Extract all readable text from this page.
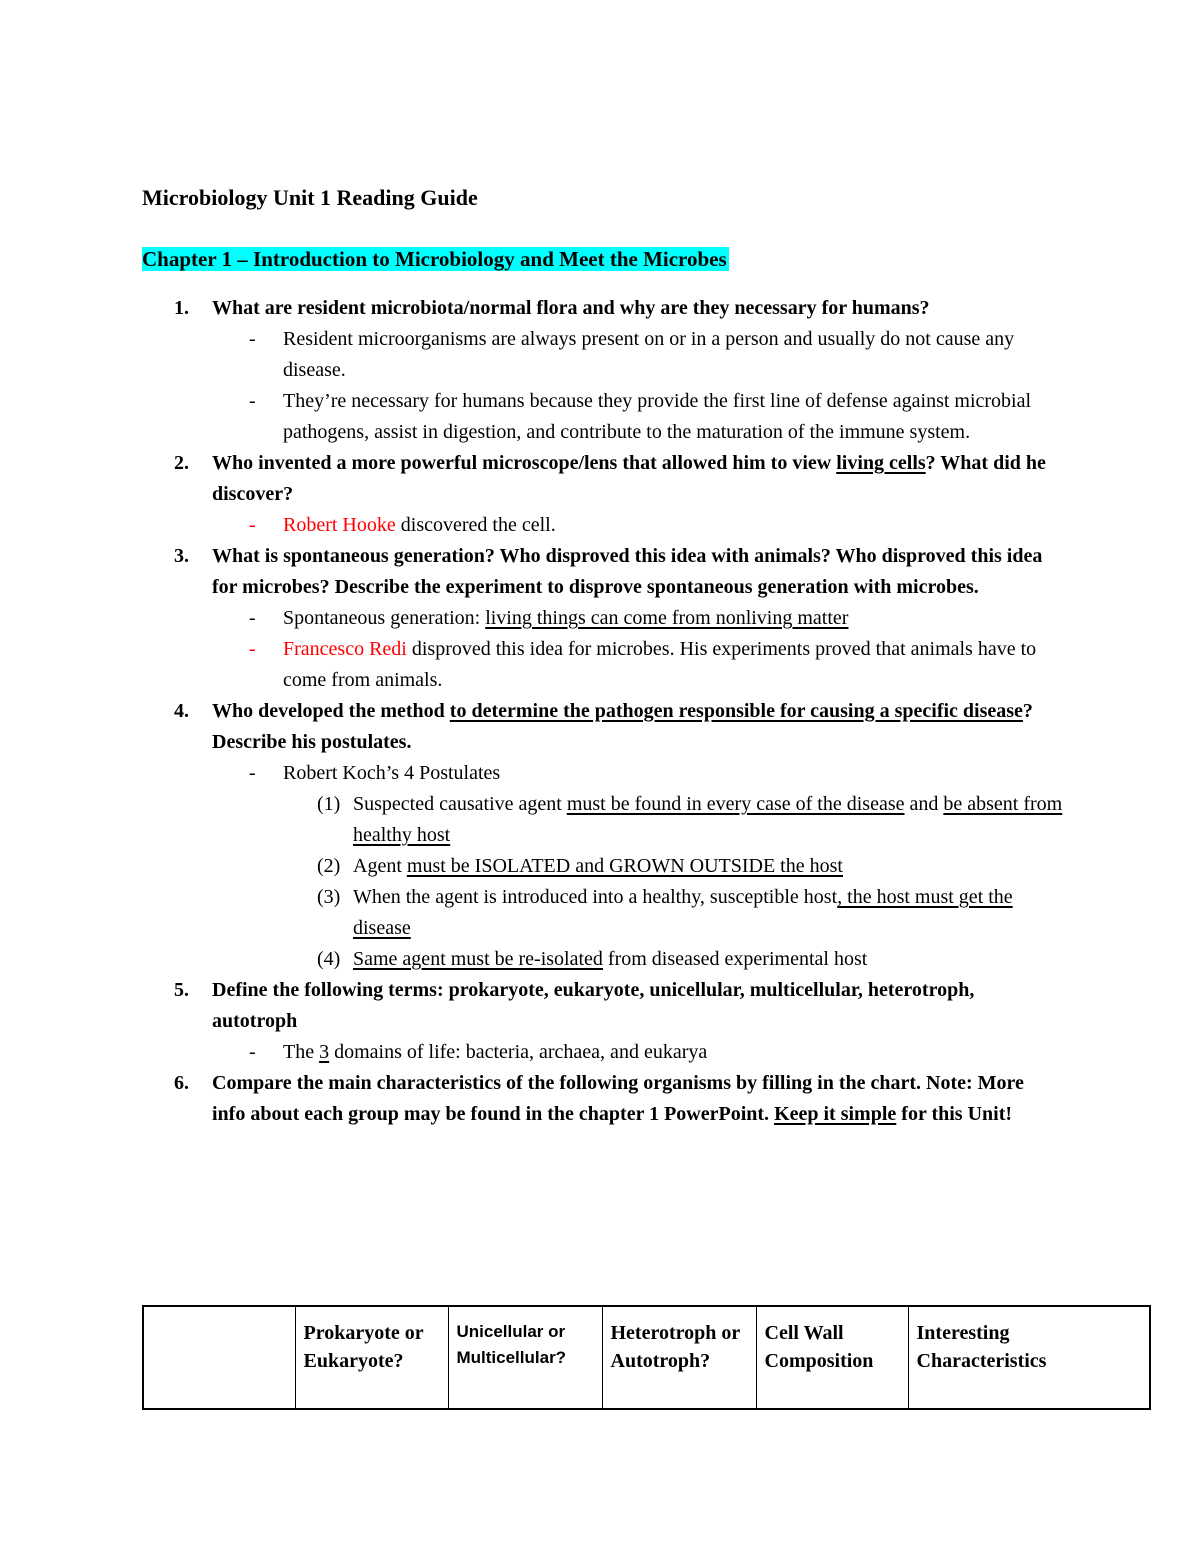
Microbiology Unit 1 Reading Guide
Chapter 1 – Introduction to Microbiology and Meet the Microbes
1. What are resident microbiota/normal flora and why are they necessary for humans?
- Resident microorganisms are always present on or in a person and usually do not cause any disease.
- They’re necessary for humans because they provide the first line of defense against microbial pathogens, assist in digestion, and contribute to the maturation of the immune system.
2. Who invented a more powerful microscope/lens that allowed him to view living cells? What did he discover?
- Robert Hooke discovered the cell.
3. What is spontaneous generation? Who disproved this idea with animals? Who disproved this idea for microbes? Describe the experiment to disprove spontaneous generation with microbes.
- Spontaneous generation: living things can come from nonliving matter
- Francesco Redi disproved this idea for microbes. His experiments proved that animals have to come from animals.
4. Who developed the method to determine the pathogen responsible for causing a specific disease? Describe his postulates.
- Robert Koch’s 4 Postulates
(1) Suspected causative agent must be found in every case of the disease and be absent from healthy host
(2) Agent must be ISOLATED and GROWN OUTSIDE the host
(3) When the agent is introduced into a healthy, susceptible host, the host must get the disease
(4) Same agent must be re-isolated from diseased experimental host
5. Define the following terms: prokaryote, eukaryote, unicellular, multicellular, heterotroph, autotroph
- The 3 domains of life: bacteria, archaea, and eukarya
6. Compare the main characteristics of the following organisms by filling in the chart. Note: More info about each group may be found in the chapter 1 PowerPoint. Keep it simple for this Unit!
	Prokaryote or Eukaryote?	Unicellular or Multicellular?	Heterotroph or Autotroph?	Cell Wall Composition	Interesting Characteristics
